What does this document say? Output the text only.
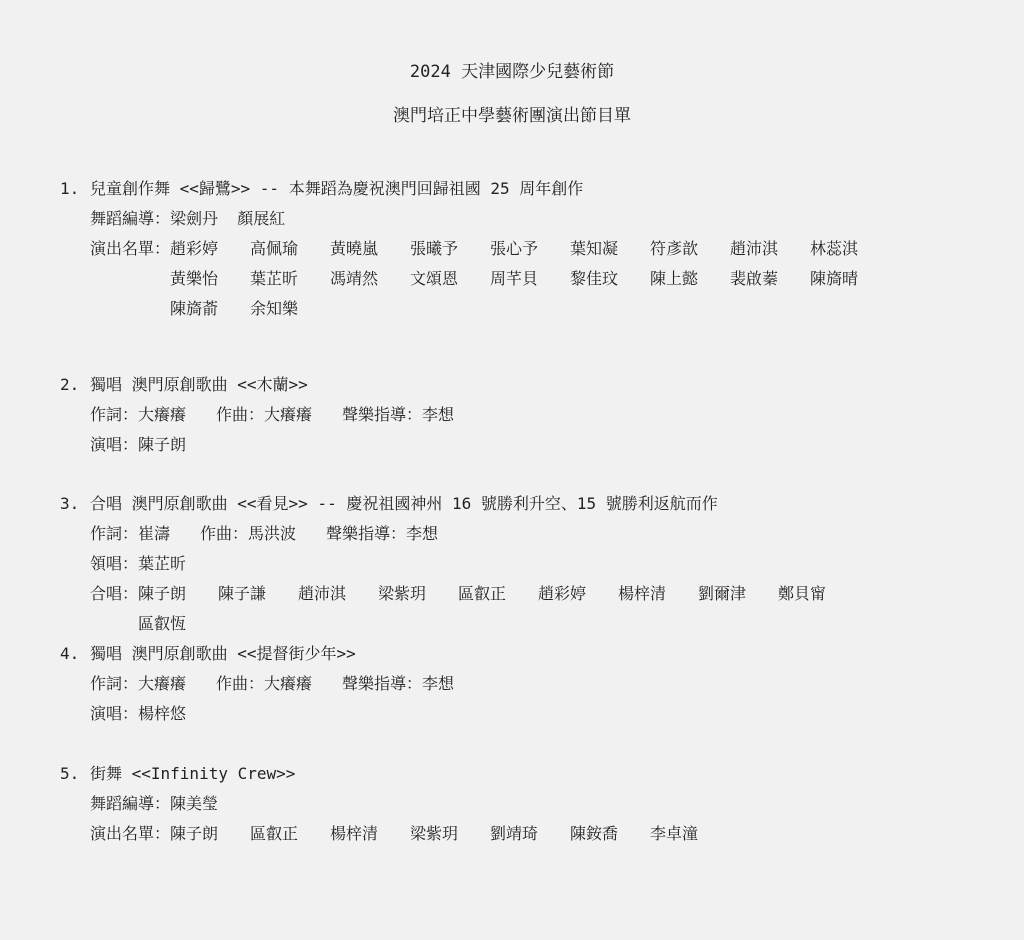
2024 天津國際少兒藝術節
澳門培正中學藝術團演出節目單
1. 兒童創作舞 <<歸鷺>> -- 本舞蹈為慶祝澳門回歸祖國 25 周年創作
舞蹈編導：梁劍丹  顏展紅
演出名單： 趙彩婷	高佩瑜	黃曉嵐	張曦予	張心予	葉知凝	符彥歆	趙沛淇	林蕊淇
黃樂怡	葉芷昕	馮靖然	文頌恩	周芊貝	黎佳玟	陳上懿	裴啟蓁	陳旖晴
陳旖萮	余知樂
2. 獨唱 澳門原創歌曲 <<木蘭>>
作詞：大癢癢 作曲：大癢癢 聲樂指導：李想
演唱：陳子朗
3. 合唱 澳門原創歌曲 <<看見>> -- 慶祝祖國神州 16 號勝利升空、15 號勝利返航而作
作詞：崔濤 作曲：馬洪波 聲樂指導：李想
領唱：葉芷昕
合唱： 陳子朗	陳子謙	趙沛淇	梁紫玥	區叡正	趙彩婷	楊梓清	劉爾津	鄭貝甯
區叡恆
4. 獨唱 澳門原創歌曲 <<提督街少年>>
作詞：大癢癢 作曲：大癢癢 聲樂指導：李想
演唱：楊梓悠
5. 街舞 <<Infinity Crew>>
舞蹈編導：陳美瑩
演出名單： 陳子朗	區叡正	楊梓清	梁紫玥	劉靖琦	陳銨喬	李卓潼
